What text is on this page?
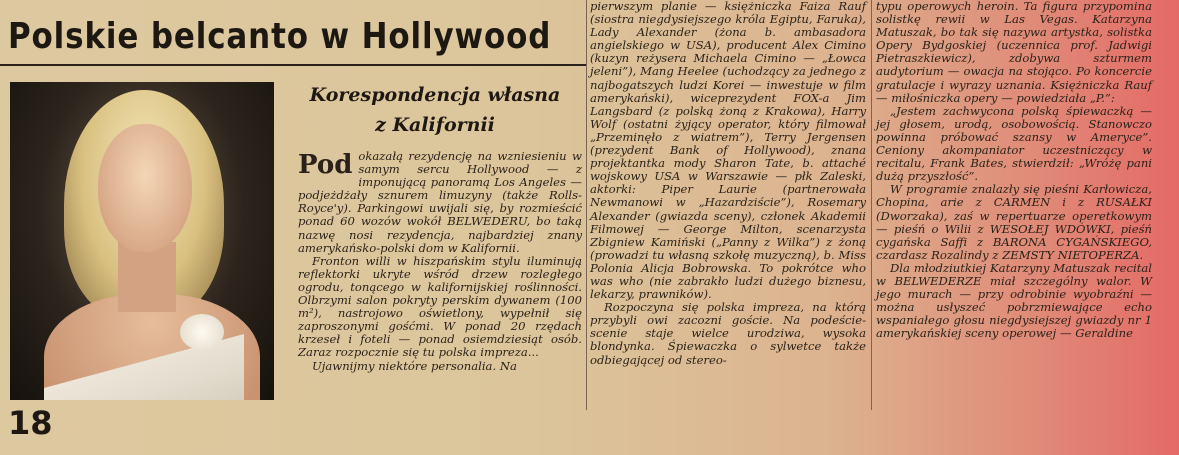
Polskie belcanto w Hollywood
18
Korespondencja własna
z Kalifornii

Pod okazałą rezydencję na wzniesieniu w samym sercu Hollywood — z imponującą panoramą Los Angeles — podjeżdżały sznurem limuzyny (także Rolls-Royce'y). Parkingowi uwijali się, by rozmieścić ponad 60 wozów wokół BELWEDERU, bo taką nazwę nosi rezydencja, najbardziej znany amerykańsko-polski dom w Kalifornii.

Fronton willi w hiszpańskim stylu iluminują reflektorki ukryte wśród drzew rozległego ogrodu, tonącego w kalifornijskiej roślinności. Olbrzymi salon pokryty perskim dywanem (100 m²), nastrojowo oświetlony, wypełnił się zaproszonymi gośćmi. W ponad 20 rzędach krzeseł i foteli — ponad osiemdziesiąt osób. Zaraz rozpocznie się tu polska impreza...

Ujawnijmy niektóre personalia. Na

pierwszym planie — księżniczka Faiza Rauf (siostra niegdysiejszego króla Egiptu, Faruka), Lady Alexander (żona b. ambasadora angielskiego w USA), producent Alex Cimino (kuzyn reżysera Michaela Cimino — „Łowca jeleni”), Mang Heelee (uchodzący za jednego z najbogatszych ludzi Korei — inwestuje w film amerykański), wiceprezydent FOX-a Jim Langsbard (z polską żoną z Krakowa), Harry Wolf (ostatni żyjący operator, który filmował „Przeminęło z wiatrem”), Terry Jergensen (prezydent Bank of Hollywood), znana projektantka mody Sharon Tate, b. attaché wojskowy USA w Warszawie — płk Zaleski, aktorki: Piper Laurie (partnerowała Newmanowi w „Hazardziście”), Rosemary Alexander (gwiazda sceny), członek Akademii Filmowej — George Milton, scenarzysta Zbigniew Kamiński („Panny z Wilka”) z żoną (prowadzi tu własną szkołę muzyczną), b. Miss Polonia Alicja Bobrowska. To pokrótce who was who (nie zabrakło ludzi dużego biznesu, lekarzy, prawników).

Rozpoczyna się polska impreza, na którą przybyli owi zacozni goście. Na podeście-scenie staje wielce urodziwa, wysoka blondynka. Śpiewaczka o sylwetce także odbiegającej od stereo-

typu operowych heroin. Ta figura przypomina solistkę rewii w Las Vegas. Katarzyna Matuszak, bo tak się nazywa artystka, solistka Opery Bydgoskiej (uczennica prof. Jadwigi Pietraszkiewicz), zdobywa szturmem audytorium — owacja na stojąco. Po koncercie gratulacje i wyrazy uznania. Księżniczka Rauf — miłośniczka opery — powiedziała „P.”:

„Jestem zachwycona polską śpiewaczką — jej głosem, urodą, osobowością. Stanowczo powinna próbować szansy w Ameryce”. Ceniony akompaniator uczestniczący w recitalu, Frank Bates, stwierdził: „Wróżę pani dużą przyszłość”.

W programie znalazły się pieśni Karłowicza, Chopina, arie z CARMEN i z RUSAŁKI (Dworzaka), zaś w repertuarze operetkowym — pieśń o Wilii z WESOŁEJ WDÓWKI, pieśń cygańska Saffi z BARONA CYGAŃSKIEGO, czardasz Rozalindy z ZEMSTY NIETOPERZA.

Dla młodziutkiej Katarzyny Matuszak recital w BELWEDERZE miał szczególny walor. W jego murach — przy odrobinie wyobraźni — można usłyszeć pobrzmiewające echo wspaniałego głosu niegdysiejszej gwiazdy nr 1 amerykańskiej sceny operowej — Geraldine
